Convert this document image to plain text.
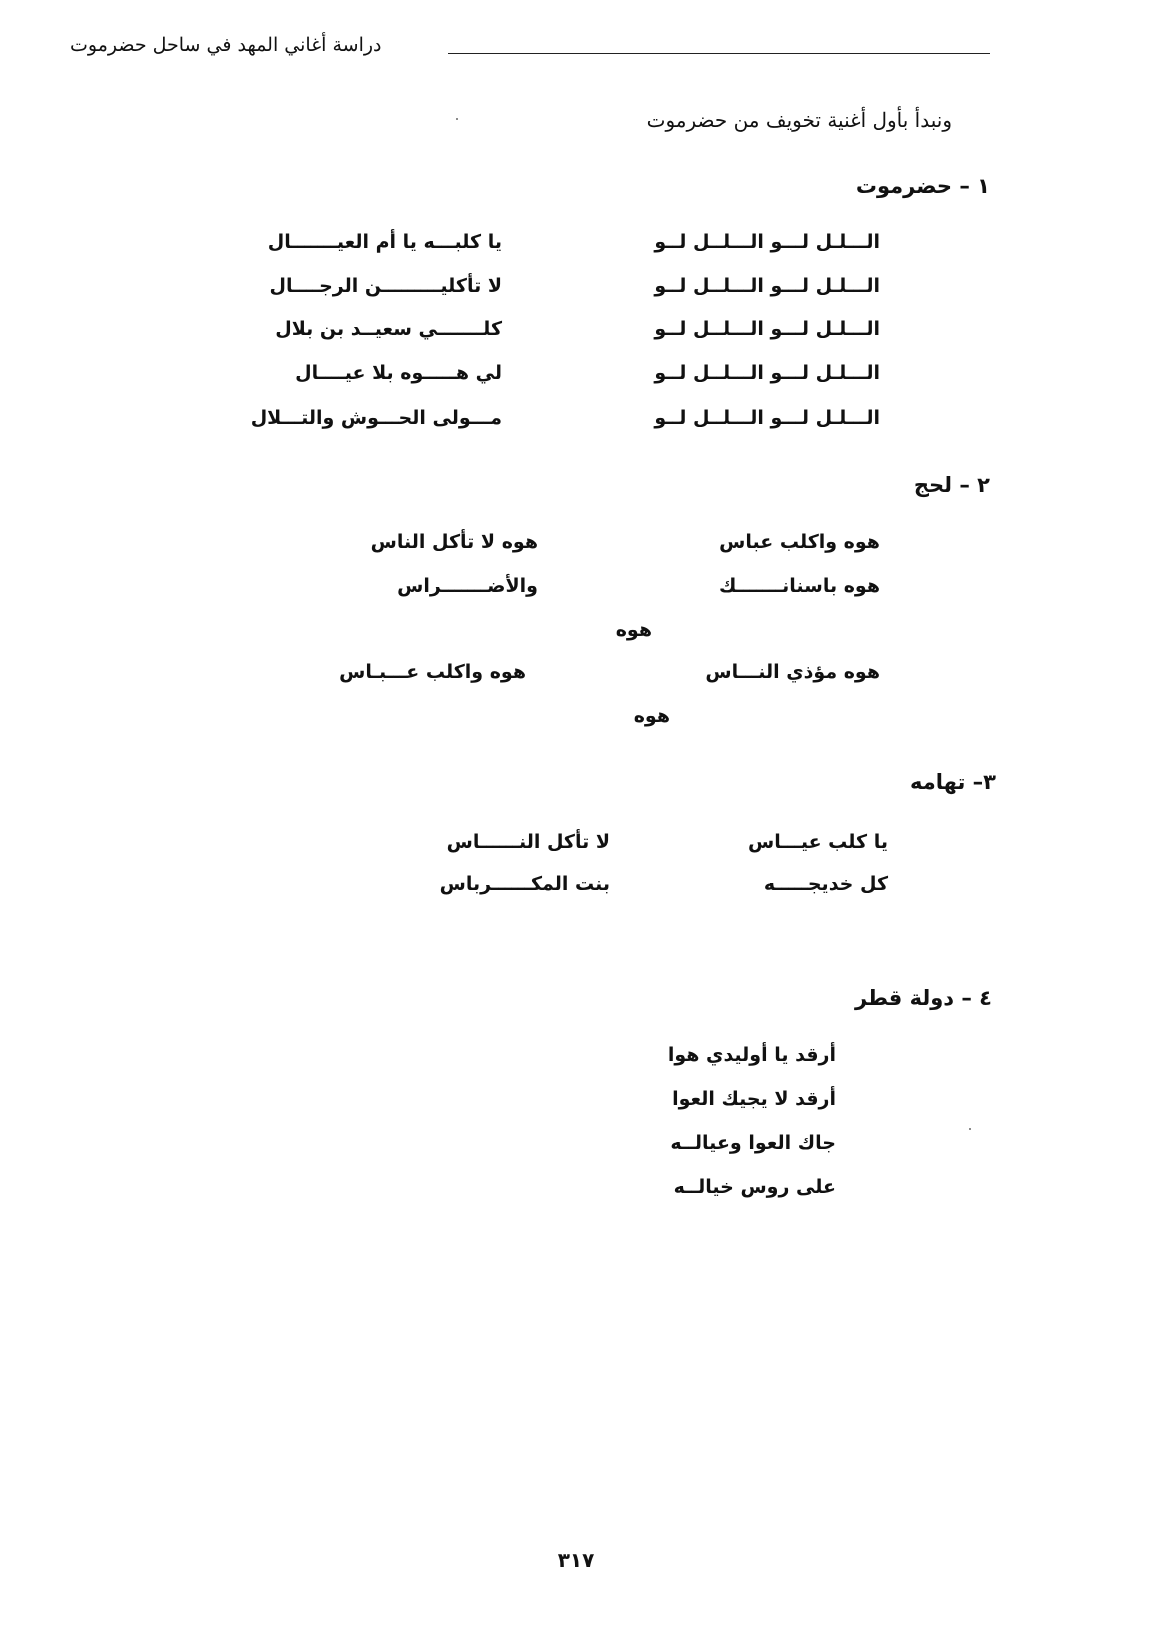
دراسة أغاني المهد في ساحل حضرموت
ونبدأ بأول أغنية تخويف من حضرموت
١ – حضرموت
الـــلـل لـــو الـــلــل لــو
يا كلبـــه يا أم العيـــــــال
الـــلـل لـــو الـــلــل لــو
لا تأكليـــــــــن الرجــــال
الـــلـل لـــو الـــلــل لــو
كلـــــــي سعيــد بن بلال
الـــلـل لـــو الـــلــل لــو
لي هـــــوه بلا عيــــال
الـــلـل لـــو الـــلــل لــو
مـــولى الحـــوش والتـــلال
٢ – لحج
هوه واكلب عباس
هوه لا تأكل الناس
هوه باسنانـــــــك
والأضـــــــراس
هوه
هوه مؤذي النـــاس
هوه واكلب عـــبـاس
هوه
٣– تهامه
يا كلب عيـــاس
لا تأكل النــــــاس
كل خديجـــــه
بنت المكــــــرباس
٤ – دولة قطر
أرقد يا أوليدي هوا
أرقد لا يجيك العوا
جاك العوا وعيالــه
على روس خيالــه
٣١٧
